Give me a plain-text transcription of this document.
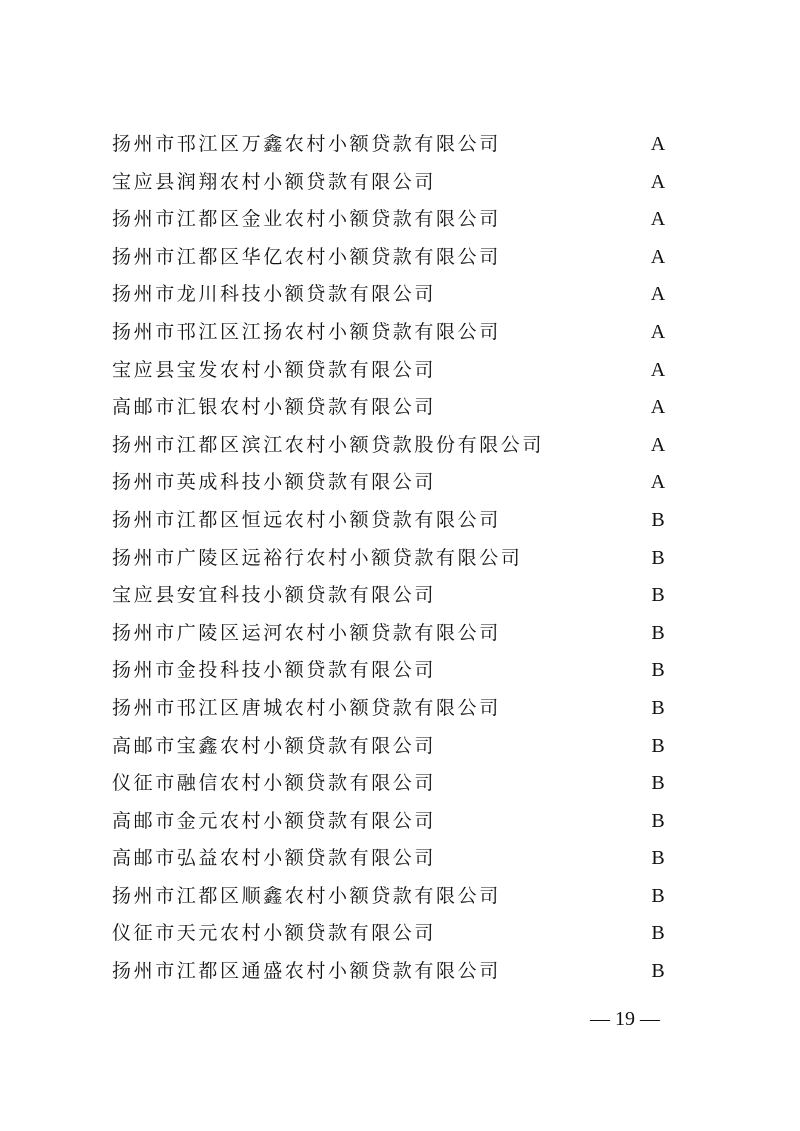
扬州市邗江区万鑫农村小额贷款有限公司	A
宝应县润翔农村小额贷款有限公司	A
扬州市江都区金业农村小额贷款有限公司	A
扬州市江都区华亿农村小额贷款有限公司	A
扬州市龙川科技小额贷款有限公司	A
扬州市邗江区江扬农村小额贷款有限公司	A
宝应县宝发农村小额贷款有限公司	A
高邮市汇银农村小额贷款有限公司	A
扬州市江都区滨江农村小额贷款股份有限公司	A
扬州市英成科技小额贷款有限公司	A
扬州市江都区恒远农村小额贷款有限公司	B
扬州市广陵区远裕行农村小额贷款有限公司	B
宝应县安宜科技小额贷款有限公司	B
扬州市广陵区运河农村小额贷款有限公司	B
扬州市金投科技小额贷款有限公司	B
扬州市邗江区唐城农村小额贷款有限公司	B
高邮市宝鑫农村小额贷款有限公司	B
仪征市融信农村小额贷款有限公司	B
高邮市金元农村小额贷款有限公司	B
高邮市弘益农村小额贷款有限公司	B
扬州市江都区顺鑫农村小额贷款有限公司	B
仪征市天元农村小额贷款有限公司	B
扬州市江都区通盛农村小额贷款有限公司	B
— 19 —
